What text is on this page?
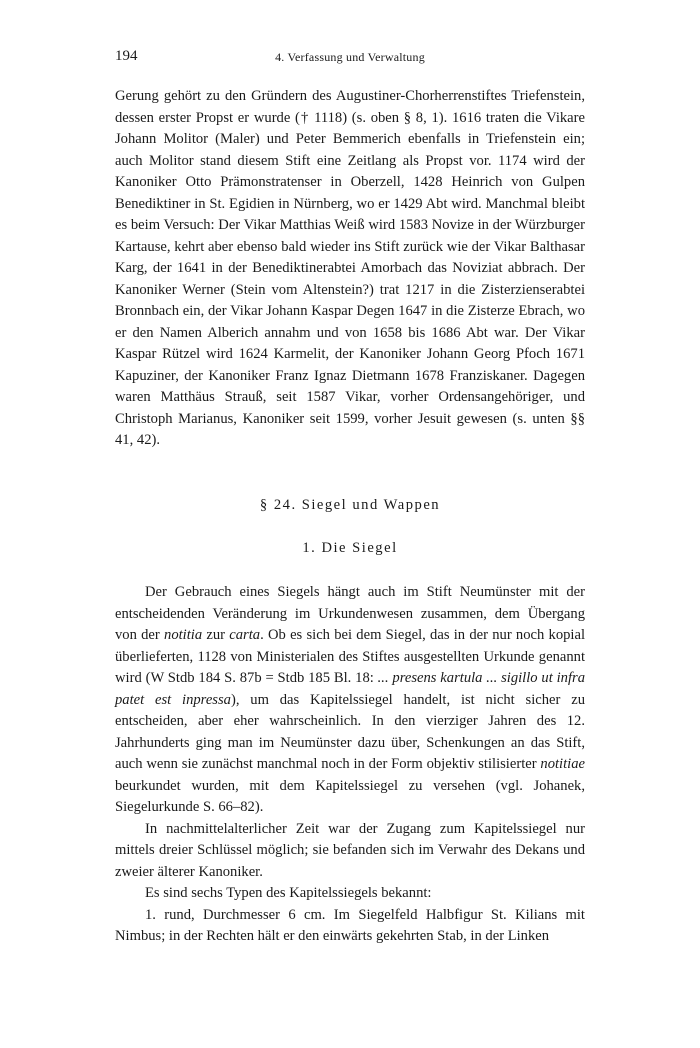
194	4. Verfassung und Verwaltung

Gerung gehört zu den Gründern des Augustiner-Chorherrenstiftes Triefenstein, dessen erster Propst er wurde († 1118) (s. oben § 8, 1). 1616 traten die Vikare Johann Molitor (Maler) und Peter Bemmerich ebenfalls in Triefenstein ein; auch Molitor stand diesem Stift eine Zeitlang als Propst vor. 1174 wird der Kanoniker Otto Prämonstratenser in Oberzell, 1428 Heinrich von Gulpen Benediktiner in St. Egidien in Nürnberg, wo er 1429 Abt wird. Manchmal bleibt es beim Versuch: Der Vikar Matthias Weiß wird 1583 Novize in der Würzburger Kartause, kehrt aber ebenso bald wieder ins Stift zurück wie der Vikar Balthasar Karg, der 1641 in der Benediktinerabtei Amorbach das Noviziat abbrach. Der Kanoniker Werner (Stein vom Altenstein?) trat 1217 in die Zisterzienserabtei Bronnbach ein, der Vikar Johann Kaspar Degen 1647 in die Zisterze Ebrach, wo er den Namen Alberich annahm und von 1658 bis 1686 Abt war. Der Vikar Kaspar Rützel wird 1624 Karmelit, der Kanoniker Johann Georg Pfoch 1671 Kapuziner, der Kanoniker Franz Ignaz Dietmann 1678 Franziskaner. Dagegen waren Matthäus Strauß, seit 1587 Vikar, vorher Ordensangehöriger, und Christoph Marianus, Kanoniker seit 1599, vorher Jesuit gewesen (s. unten §§ 41, 42).

§ 24. Siegel und Wappen
1. Die Siegel

Der Gebrauch eines Siegels hängt auch im Stift Neumünster mit der entscheidenden Veränderung im Urkundenwesen zusammen, dem Übergang von der notitia zur carta. Ob es sich bei dem Siegel, das in der nur noch kopial überlieferten, 1128 von Ministerialen des Stiftes ausgestellten Urkunde genannt wird (W Stdb 184 S. 87b = Stdb 185 Bl. 18: ... presens kartula ... sigillo ut infra patet est inpressa), um das Kapitelssiegel handelt, ist nicht sicher zu entscheiden, aber eher wahrscheinlich. In den vierziger Jahren des 12. Jahrhunderts ging man im Neumünster dazu über, Schenkungen an das Stift, auch wenn sie zunächst manchmal noch in der Form objektiv stilisierter notitiae beurkundet wurden, mit dem Kapitelssiegel zu versehen (vgl. Johanek, Siegelurkunde S. 66–82).

In nachmittelalterlicher Zeit war der Zugang zum Kapitelssiegel nur mittels dreier Schlüssel möglich; sie befanden sich im Verwahr des Dekans und zweier älterer Kanoniker.

Es sind sechs Typen des Kapitelssiegels bekannt:

1. rund, Durchmesser 6 cm. Im Siegelfeld Halbfigur St. Kilians mit Nimbus; in der Rechten hält er den einwärts gekehrten Stab, in der Linken
